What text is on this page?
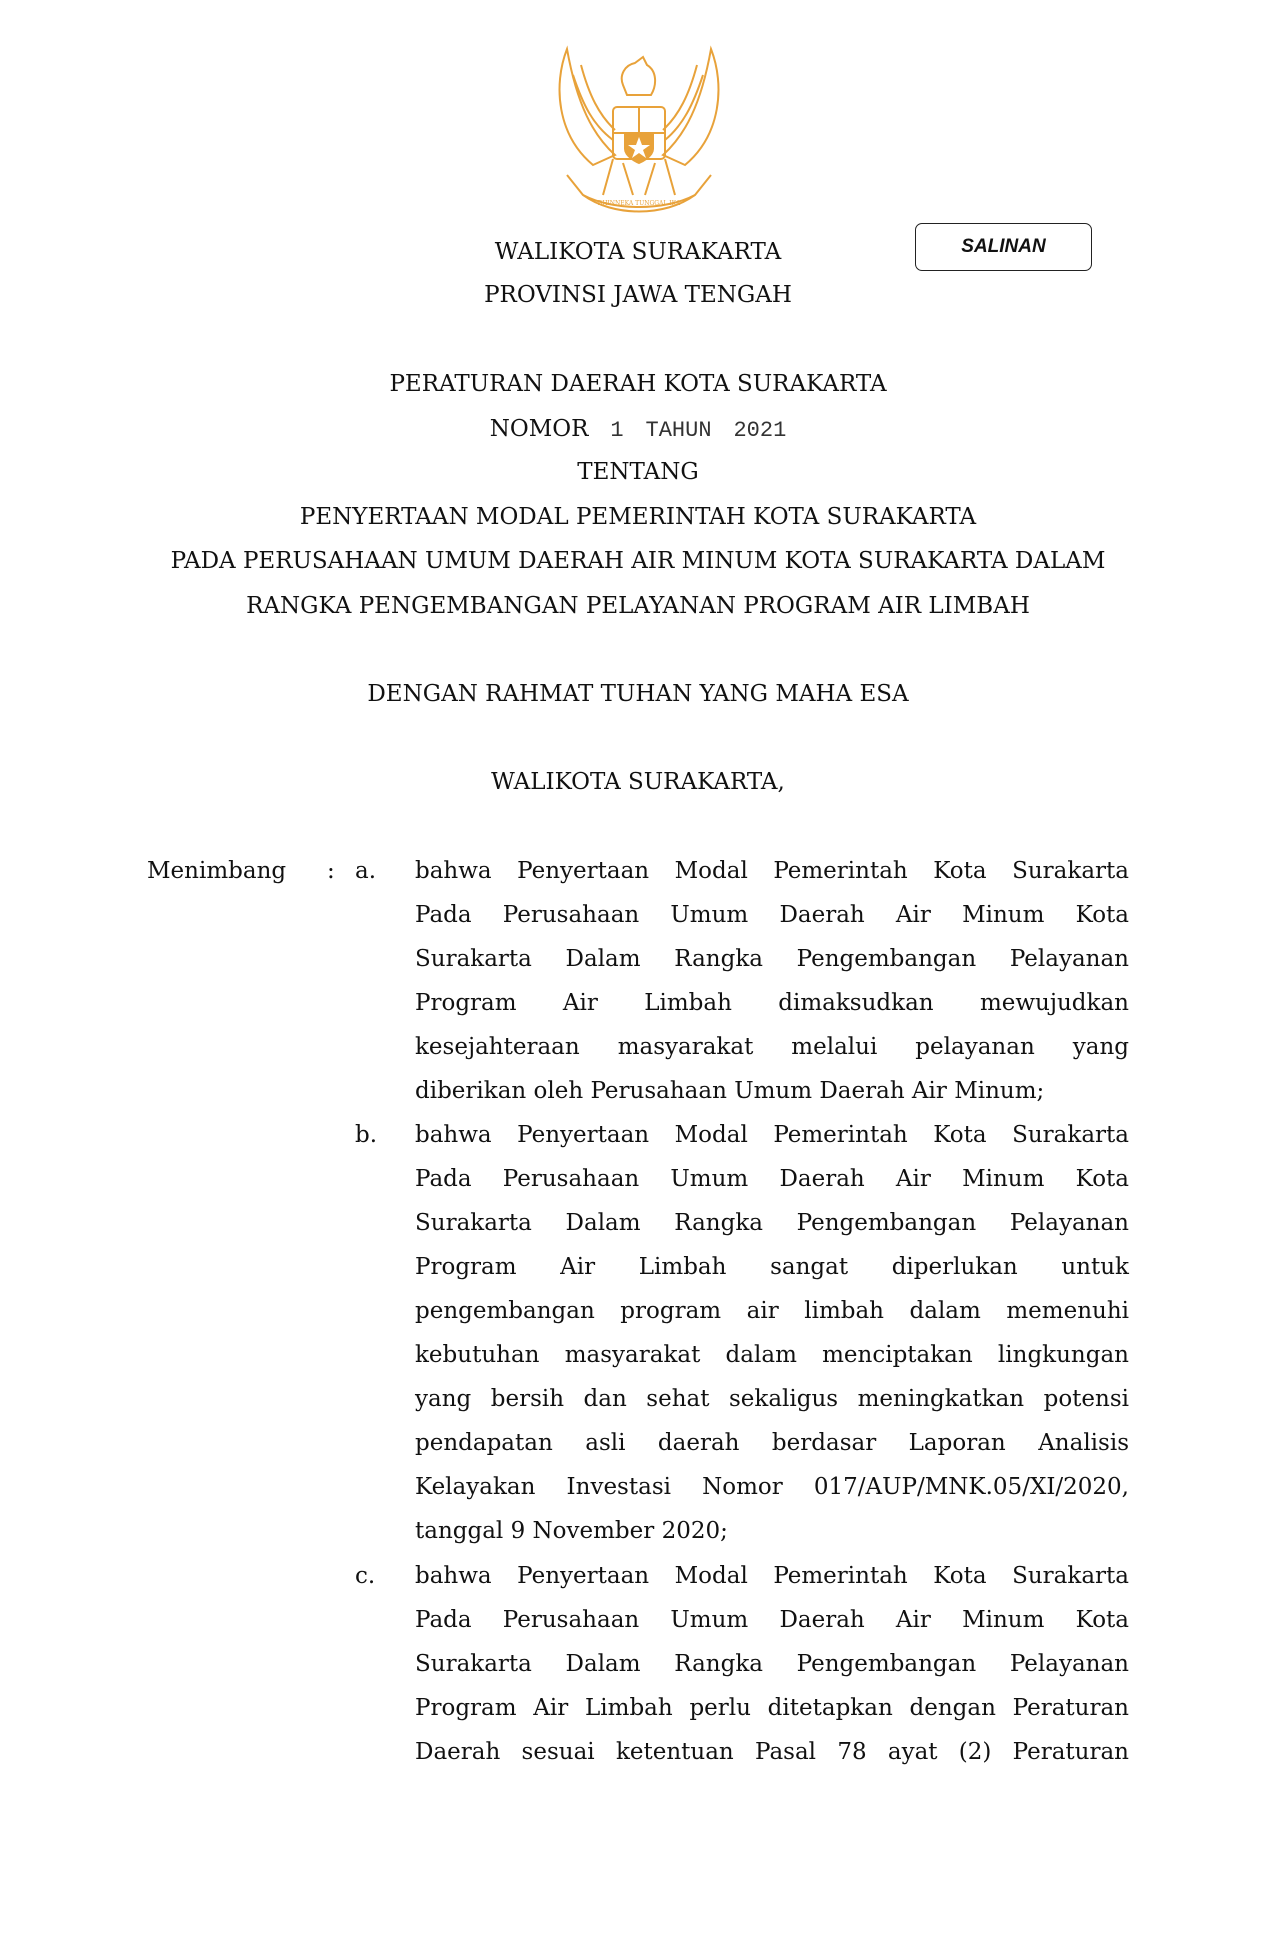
BHINNEKA TUNGGAL IKA
SALINAN
WALIKOTA SURAKARTA
PROVINSI JAWA TENGAH
PERATURAN DAERAH KOTA SURAKARTA
NOMOR 1 TAHUN 2021
TENTANG
PENYERTAAN MODAL PEMERINTAH KOTA SURAKARTA
PADA PERUSAHAAN UMUM DAERAH AIR MINUM KOTA SURAKARTA DALAM
RANGKA PENGEMBANGAN PELAYANAN PROGRAM AIR LIMBAH
DENGAN RAHMAT TUHAN YANG MAHA ESA
WALIKOTA SURAKARTA,
Menimbang : a. bahwa Penyertaan Modal Pemerintah Kota Surakarta
Pada Perusahaan Umum Daerah Air Minum Kota
Surakarta Dalam Rangka Pengembangan Pelayanan
Program Air Limbah dimaksudkan mewujudkan
kesejahteraan masyarakat melalui pelayanan yang
diberikan oleh Perusahaan Umum Daerah Air Minum;
b. bahwa Penyertaan Modal Pemerintah Kota Surakarta
Pada Perusahaan Umum Daerah Air Minum Kota
Surakarta Dalam Rangka Pengembangan Pelayanan
Program Air Limbah sangat diperlukan untuk
pengembangan program air limbah dalam memenuhi
kebutuhan masyarakat dalam menciptakan lingkungan
yang bersih dan sehat sekaligus meningkatkan potensi
pendapatan asli daerah berdasar Laporan Analisis
Kelayakan Investasi Nomor 017/AUP/MNK.05/XI/2020,
tanggal 9 November 2020;
c. bahwa Penyertaan Modal Pemerintah Kota Surakarta
Pada Perusahaan Umum Daerah Air Minum Kota
Surakarta Dalam Rangka Pengembangan Pelayanan
Program Air Limbah perlu ditetapkan dengan Peraturan
Daerah sesuai ketentuan Pasal 78 ayat (2) Peraturan
